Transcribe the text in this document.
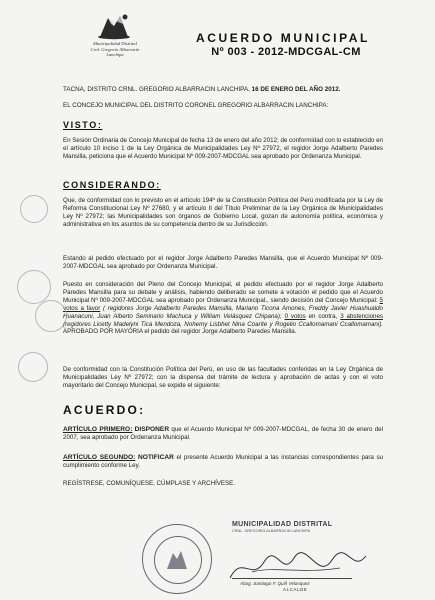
Municipalidad Distrital
Crnl. Gregorio Albarracín Lanchipa
ACUERDO MUNICIPAL
Nº 003 - 2012-MDCGAL-CM
TACNA, DISTRITO CRNL. GREGORIO ALBARRACIN LANCHIPA, 16 DE ENERO DEL AÑO 2012.
EL CONCEJO MUNICIPAL DEL DISTRITO CORONEL GREGORIO ALBARRACIN LANCHIPA:
VISTO:
En Sesión Ordinaria de Concejo Municipal de fecha 13 de enero del año 2012; de conformidad con lo establecido en el artículo 10 inciso 1 de la Ley Orgánica de Municipalidades Ley Nº 27972, el regidor Jorge Adalberto Paredes Mansilla, peticiona que el Acuerdo Municipal Nº 009-2007-MDCGAL sea aprobado por Ordenanza Municipal.
CONSIDERANDO:
Que, de conformidad con lo previsto en el artículo 194º de la Constitución Política del Perú modificada por la Ley de Reforma Constitucional Ley Nº 27680, y el artículo II del Título Preliminar de la Ley Orgánica de Municipalidades Ley Nº 27972; las Municipalidades son órganos de Gobierno Local, gozan de autonomía política, económica y administrativa en los asuntos de su competencia dentro de su Jurisdicción.
Estando al pedido efectuado por el regidor Jorge Adalberto Paredes Mansilla, que el Acuerdo Municipal Nº 009-2007-MDCGAL sea aprobado por Ordenanza Municipal.
Puesto en consideración del Pleno del Concejo Municipal, el pedido efectuado por el regidor Jorge Adalberto Paredes Mansilla para su debate y análisis, habiendo deliberado se somete a votación el pedido que el Acuerdo Municipal Nº 009-2007-MDCGAL sea aprobado por Ordenanza Municipal., siendo decisión del Concejo Municipal: 5 votos a favor ( regidores Jorge Adalberto Paredes Mansilla, Mariano Ticona Amones, Freddy Javier Huashualdo Huanacuni, Juan Alberto Seminario Machuca y William Velásquez Chipana); 0 votos en contra, 3 abstenciones (regidores Licetty Madelyni Tica Mendoza, Nohemy Lisbhet Nina Coarite y Rogelio Ccallomamani Ccallomamani). APROBADO POR MAYORIA el pedido del regidor Jorge Adalberto Paredes Mansilla.
De conformidad con la Constitución Política del Perú, en uso de las facultades conferidas en la Ley Orgánica de Municipalidades Ley Nº 27972; con la dispensa del trámite de lectura y aprobación de actas y con el voto mayoritario del Concejo Municipal, se expide el siguiente:
ACUERDO:
ARTÍCULO PRIMERO: DISPONER que el Acuerdo Municipal Nº 009-2007-MDCGAL, de fecha 30 de enero del 2007, sea aprobado por Ordenanza Municipal.
ARTÍCULO SEGUNDO: NOTIFICAR el presente Acuerdo Municipal a las instancias correspondientes para su cumplimiento conforme Ley.
REGÍSTRESE, COMUNÍQUESE, CÚMPLASE Y ARCHÍVESE.
MUNICIPALIDAD DISTRITAL
CRNL. GREGORIO ALBARRACIN LANCHIPA
Abog. Santiago F. Quiñ Velasquez
ALCALDE
